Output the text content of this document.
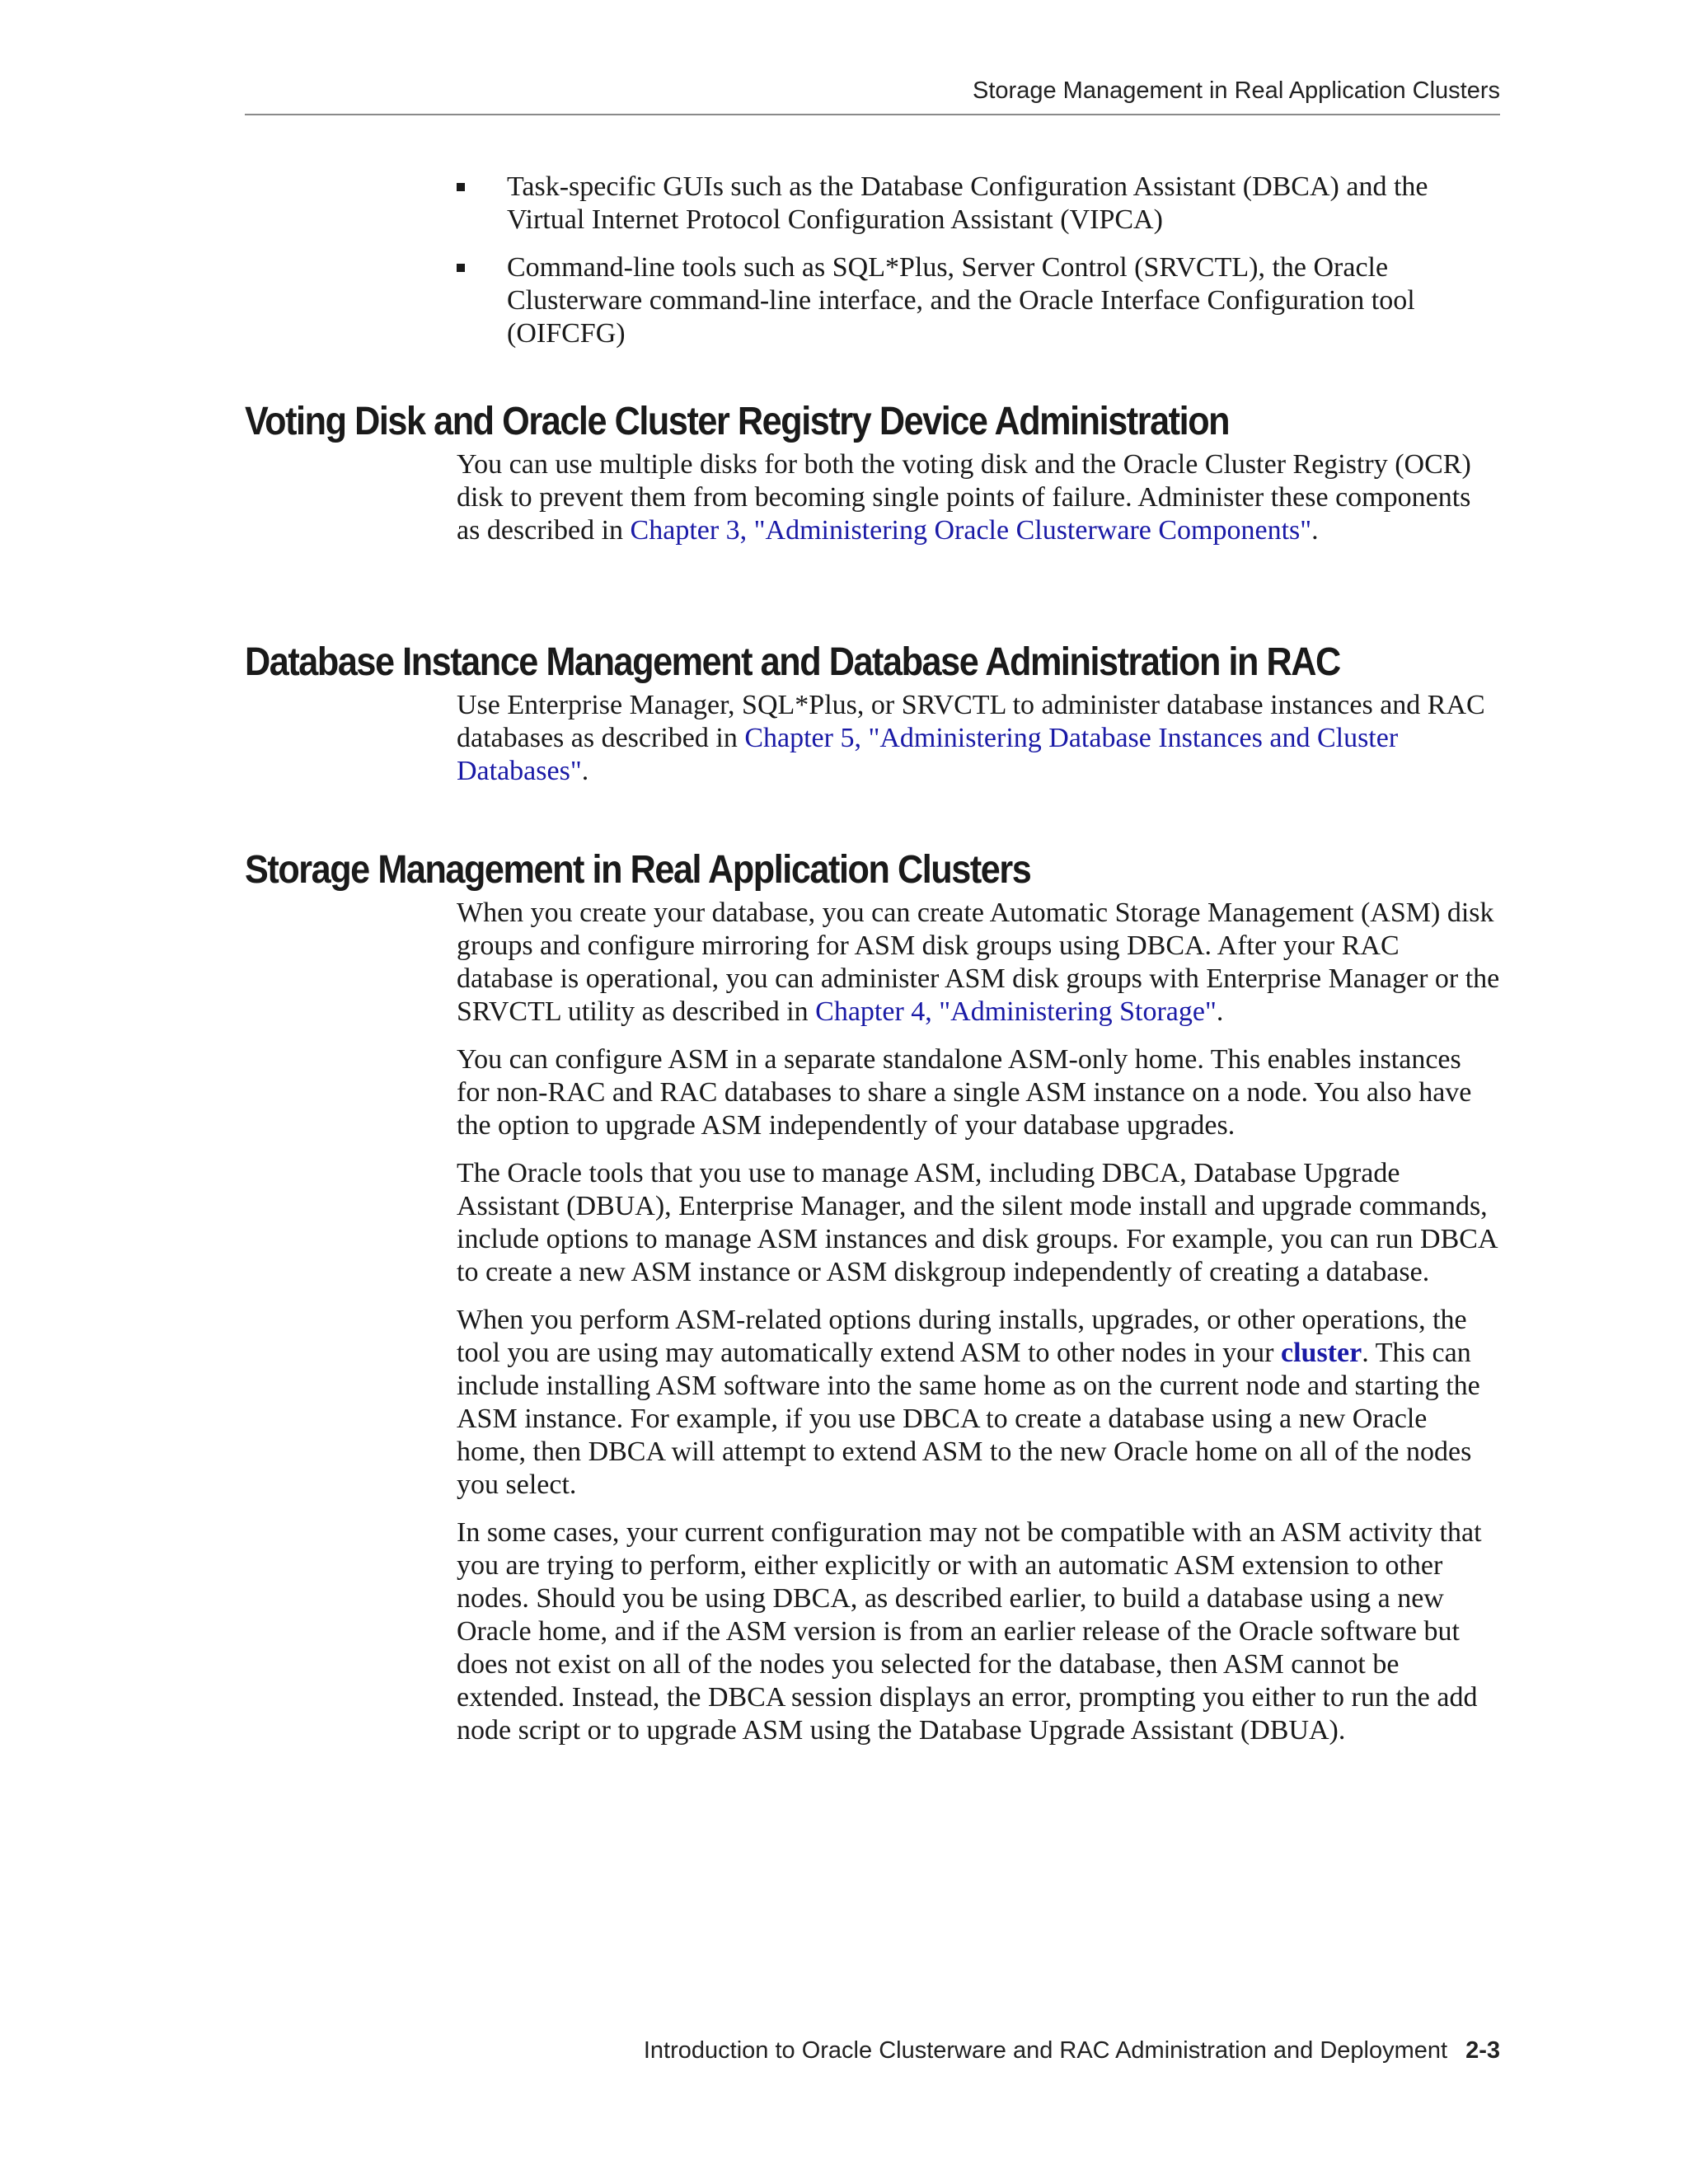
Storage Management in Real Application Clusters
Task-specific GUIs such as the Database Configuration Assistant (DBCA) and the Virtual Internet Protocol Configuration Assistant (VIPCA)
Command-line tools such as SQL*Plus, Server Control (SRVCTL), the Oracle Clusterware command-line interface, and the Oracle Interface Configuration tool (OIFCFG)
Voting Disk and Oracle Cluster Registry Device Administration

You can use multiple disks for both the voting disk and the Oracle Cluster Registry (OCR) disk to prevent them from becoming single points of failure. Administer these components as described in Chapter 3, "Administering Oracle Clusterware Components".

Database Instance Management and Database Administration in RAC

Use Enterprise Manager, SQL*Plus, or SRVCTL to administer database instances and RAC databases as described in Chapter 5, "Administering Database Instances and Cluster Databases".

Storage Management in Real Application Clusters

When you create your database, you can create Automatic Storage Management (ASM) disk groups and configure mirroring for ASM disk groups using DBCA. After your RAC database is operational, you can administer ASM disk groups with Enterprise Manager or the SRVCTL utility as described in Chapter 4, "Administering Storage".

You can configure ASM in a separate standalone ASM-only home. This enables instances for non-RAC and RAC databases to share a single ASM instance on a node. You also have the option to upgrade ASM independently of your database upgrades.

The Oracle tools that you use to manage ASM, including DBCA, Database Upgrade Assistant (DBUA), Enterprise Manager, and the silent mode install and upgrade commands, include options to manage ASM instances and disk groups. For example, you can run DBCA to create a new ASM instance or ASM diskgroup independently of creating a database.

When you perform ASM-related options during installs, upgrades, or other operations, the tool you are using may automatically extend ASM to other nodes in your cluster. This can include installing ASM software into the same home as on the current node and starting the ASM instance. For example, if you use DBCA to create a database using a new Oracle home, then DBCA will attempt to extend ASM to the new Oracle home on all of the nodes you select.

In some cases, your current configuration may not be compatible with an ASM activity that you are trying to perform, either explicitly or with an automatic ASM extension to other nodes. Should you be using DBCA, as described earlier, to build a database using a new Oracle home, and if the ASM version is from an earlier release of the Oracle software but does not exist on all of the nodes you selected for the database, then ASM cannot be extended. Instead, the DBCA session displays an error, prompting you either to run the add node script or to upgrade ASM using the Database Upgrade Assistant (DBUA).

Introduction to Oracle Clusterware and RAC Administration and Deployment 2-3
